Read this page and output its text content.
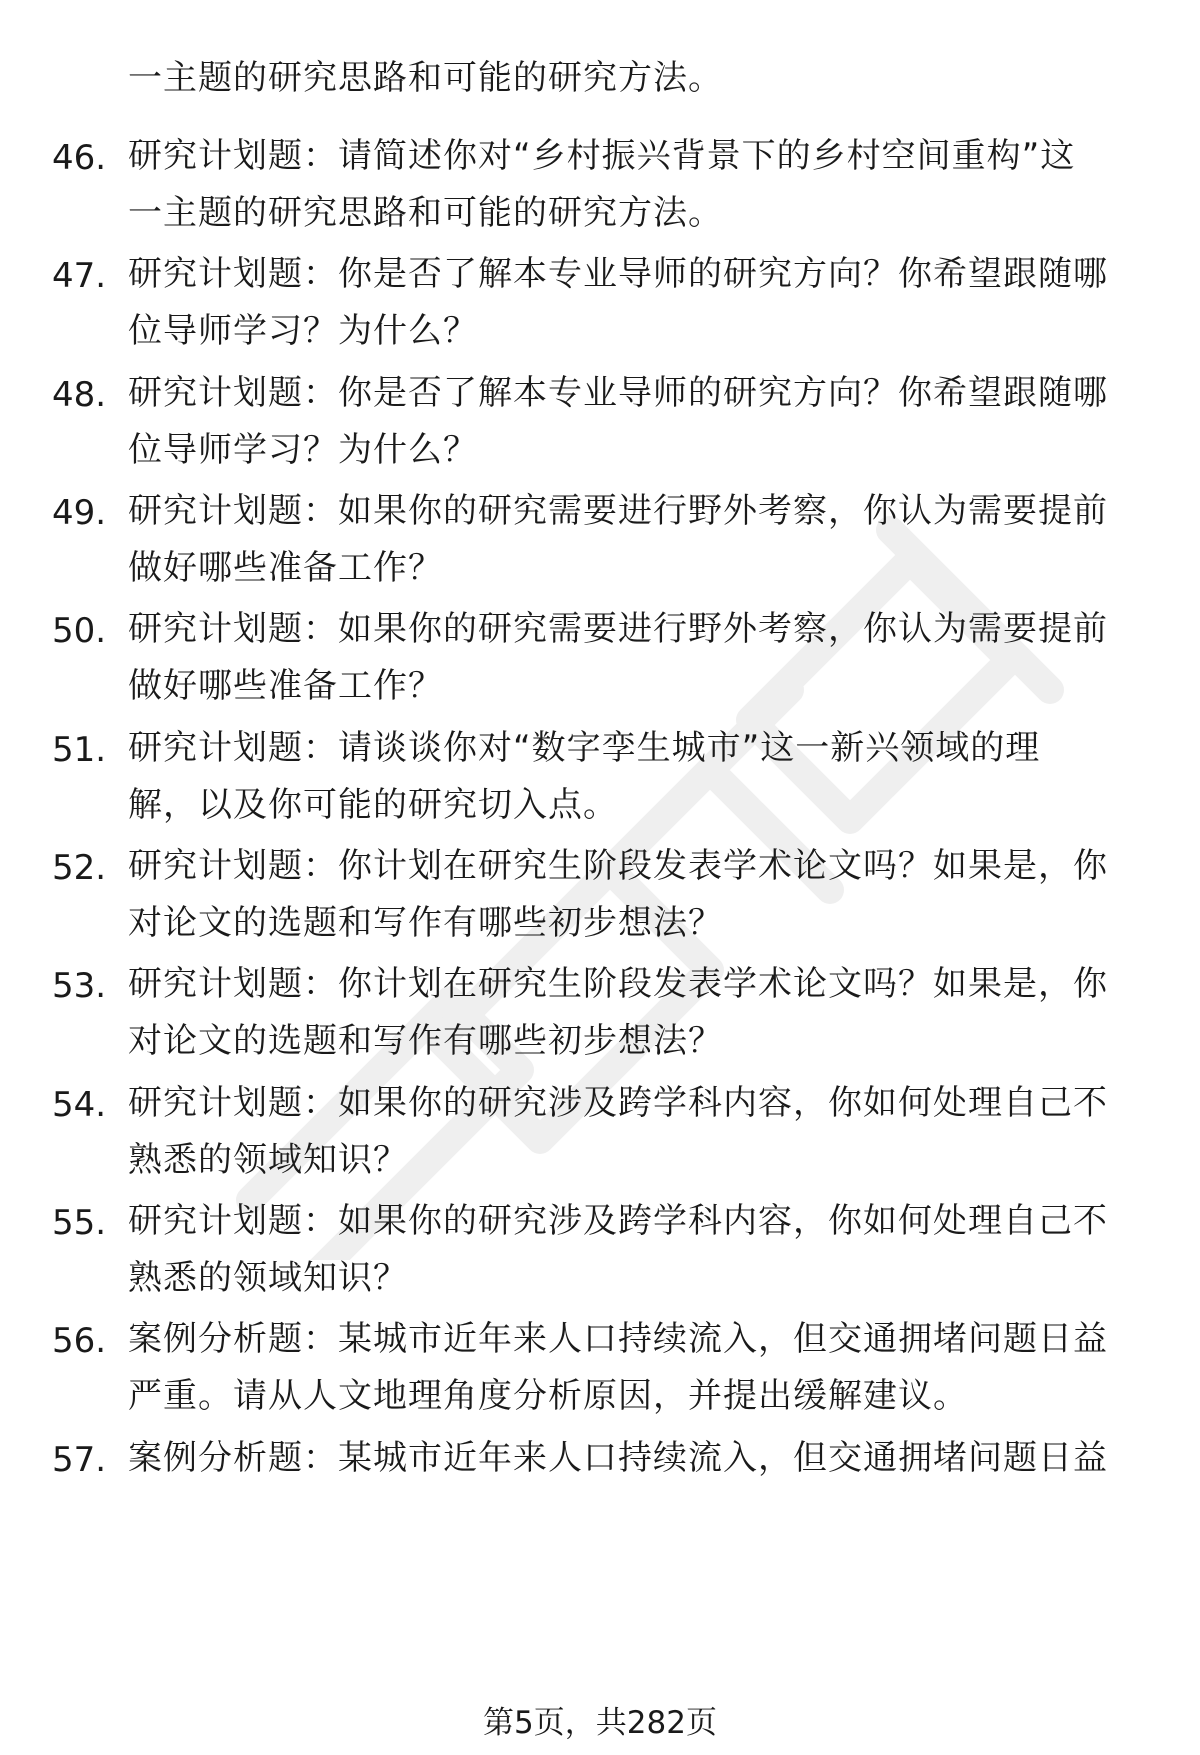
一主题的研究思路和可能的研究方法。
46. 研究计划题：请简述你对“乡村振兴背景下的乡村空间重构”这
一主题的研究思路和可能的研究方法。
47. 研究计划题：你是否了解本专业导师的研究方向？你希望跟随哪
位导师学习？为什么？
48. 研究计划题：你是否了解本专业导师的研究方向？你希望跟随哪
位导师学习？为什么？
49. 研究计划题：如果你的研究需要进行野外考察，你认为需要提前
做好哪些准备工作？
50. 研究计划题：如果你的研究需要进行野外考察，你认为需要提前
做好哪些准备工作？
51. 研究计划题：请谈谈你对“数字孪生城市”这一新兴领域的理
解，以及你可能的研究切入点。
52. 研究计划题：你计划在研究生阶段发表学术论文吗？如果是，你
对论文的选题和写作有哪些初步想法？
53. 研究计划题：你计划在研究生阶段发表学术论文吗？如果是，你
对论文的选题和写作有哪些初步想法？
54. 研究计划题：如果你的研究涉及跨学科内容，你如何处理自己不
熟悉的领域知识？
55. 研究计划题：如果你的研究涉及跨学科内容，你如何处理自己不
熟悉的领域知识？
56. 案例分析题：某城市近年来人口持续流入，但交通拥堵问题日益
严重。请从人文地理角度分析原因，并提出缓解建议。
57. 案例分析题：某城市近年来人口持续流入，但交通拥堵问题日益
第5页，共282页
